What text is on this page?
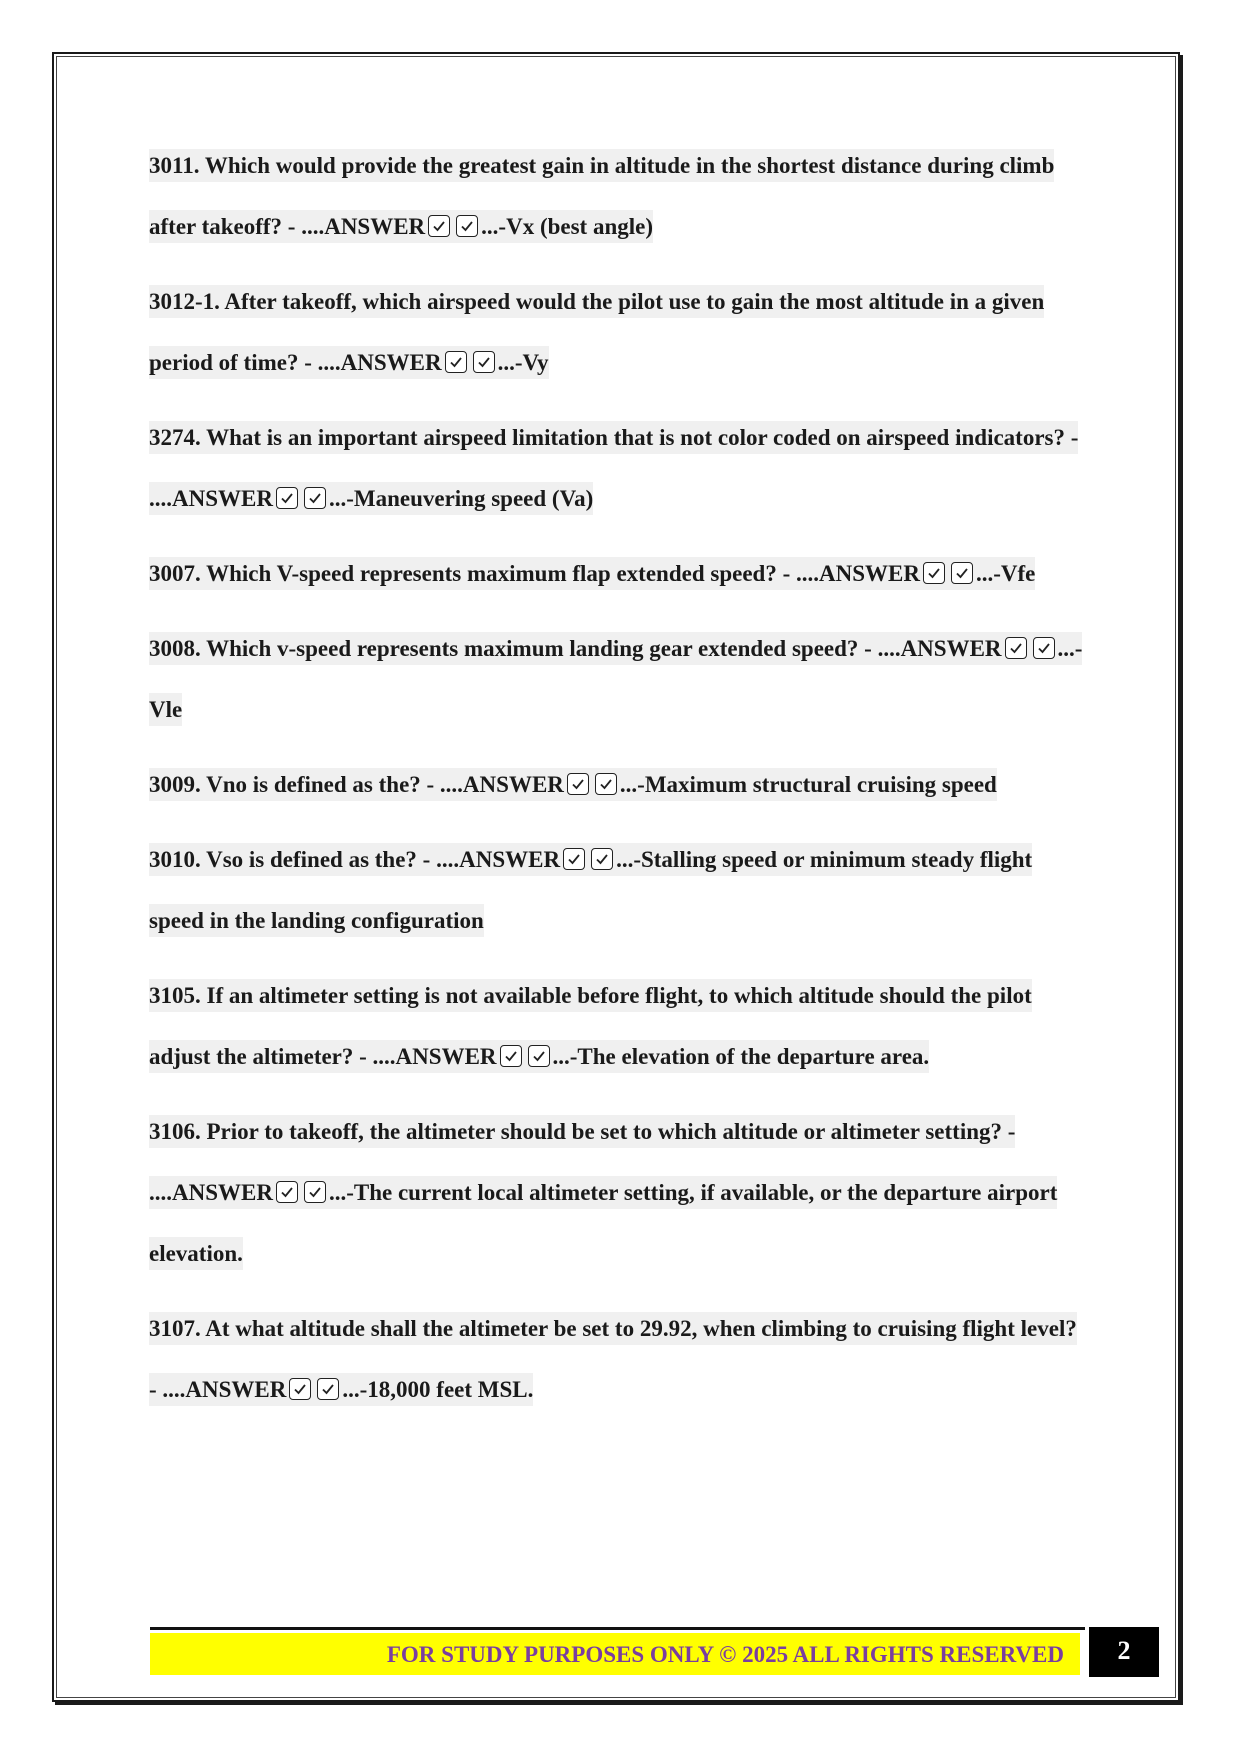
3011. Which would provide the greatest gain in altitude in the shortest distance during climb after takeoff? - ....ANSWER ...-Vx (best angle)

3012-1. After takeoff, which airspeed would the pilot use to gain the most altitude in a given period of time? - ....ANSWER ...-Vy

3274. What is an important airspeed limitation that is not color coded on airspeed indicators? - ....ANSWER ...-Maneuvering speed (Va)

3007. Which V-speed represents maximum flap extended speed? - ....ANSWER ...-Vfe

3008. Which v-speed represents maximum landing gear extended speed? - ....ANSWER ...-Vle

3009. Vno is defined as the? - ....ANSWER ...-Maximum structural cruising speed

3010. Vso is defined as the? - ....ANSWER ...-Stalling speed or minimum steady flight speed in the landing configuration

3105. If an altimeter setting is not available before flight, to which altitude should the pilot adjust the altimeter? - ....ANSWER ...-The elevation of the departure area.

3106. Prior to takeoff, the altimeter should be set to which altitude or altimeter setting? - ....ANSWER ...-The current local altimeter setting, if available, or the departure airport elevation.

3107. At what altitude shall the altimeter be set to 29.92, when climbing to cruising flight level? - ....ANSWER ...-18,000 feet MSL.

FOR STUDY PURPOSES ONLY © 2025 ALL RIGHTS RESERVED	2
